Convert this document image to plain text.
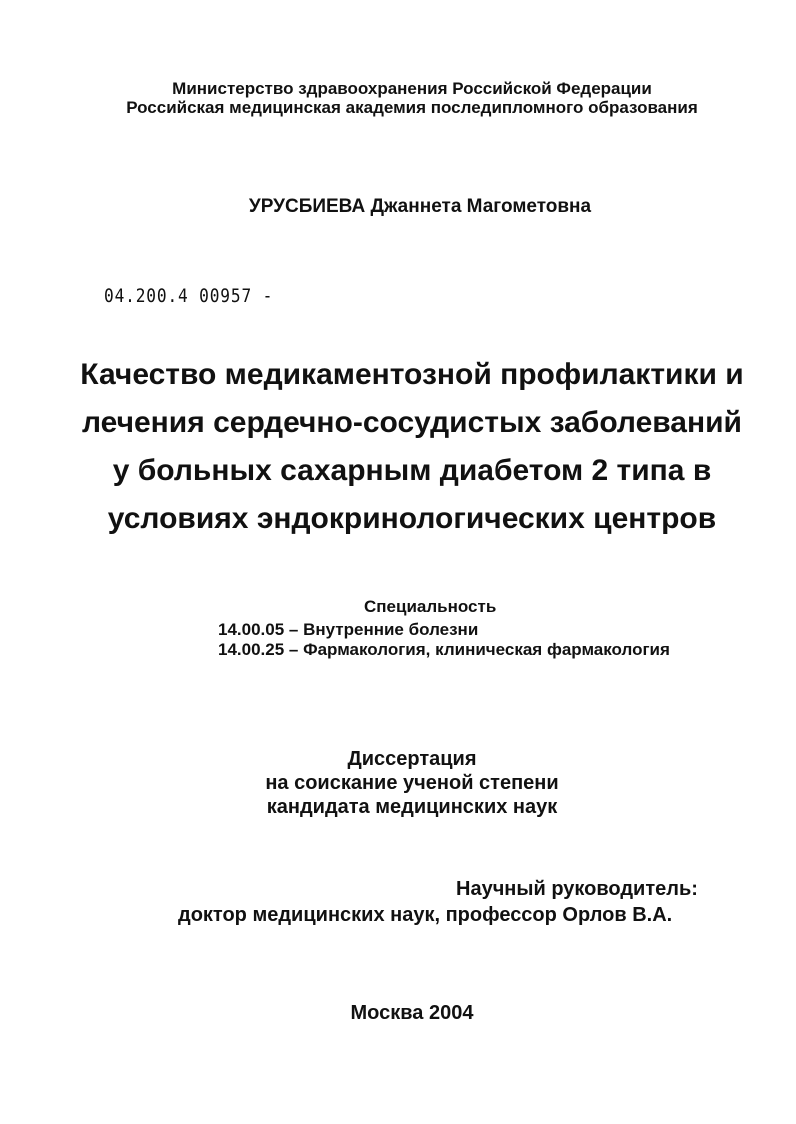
Министерство здравоохранения Российской Федерации
Российская медицинская академия последипломного образования
УРУСБИЕВА Джаннета Магометовна
04.200.4 00957 -
Качество медикаментозной профилактики и
лечения сердечно-сосудистых заболеваний
у больных сахарным диабетом 2 типа в
условиях эндокринологических центров
Специальность
14.00.05 – Внутренние болезни
14.00.25 – Фармакология, клиническая фармакология
Диссертация
на соискание ученой степени
кандидата медицинских наук
Научный руководитель:
доктор медицинских наук, профессор Орлов В.А.
Москва 2004
